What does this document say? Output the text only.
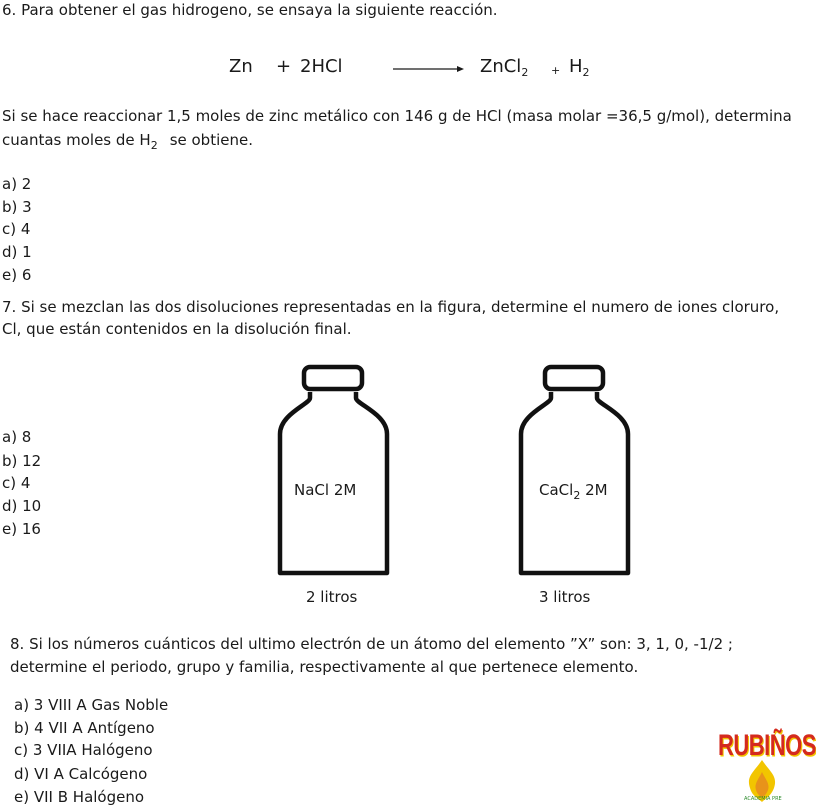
6. Para obtener el gas hidrogeno, se ensaya la siguiente reacción.
Zn + 2HCl	ZnCl$_2$ + $H_2$
Si se hace reaccionar 1,5 moles de zinc metálico con 146 g de HCl (masa molar =36,5 g/mol), determina
cuantas moles de $H_2$ se obtiene.
a) 2
b) 3
c) 4
d) 1
e) 6
7. Si se mezclan las dos disoluciones representadas en la figura, determine el numero de iones cloruro,
Cl, que están contenidos en la disolución final.
a) 8
b) 12
c) 4
d) 10
e) 16
NaCl 2M
2 litros
CaCl$_2$ 2M
3 litros
8. Si los números cuánticos del ultimo electrón de un átomo del elemento ”X” son: 3, 1, 0, -1/2 ;
determine el periodo, grupo y familia, respectivamente al que pertenece elemento.
a) 3 VIII A Gas Noble
b) 4 VII A Antígeno
c) 3 VIIA Halógeno
d) VI A Calcógeno
e) VII B Halógeno
RUBIÑOS
ACADEMIA PRE
